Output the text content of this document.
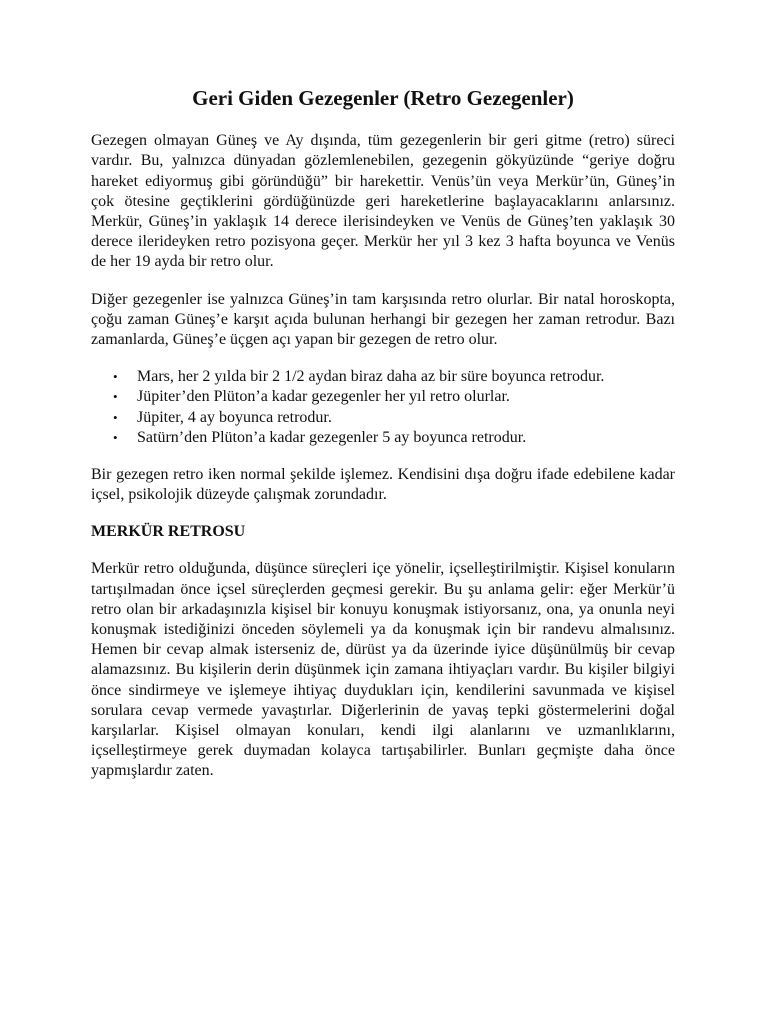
Geri Giden Gezegenler (Retro Gezegenler)

Gezegen olmayan Güneş ve Ay dışında, tüm gezegenlerin bir geri gitme (retro) süreci vardır. Bu, yalnızca dünyadan gözlemlenebilen, gezegenin gökyüzünde “geriye doğru hareket ediyormuş gibi göründüğü” bir harekettir. Venüs’ün veya Merkür’ün, Güneş’in çok ötesine geçtiklerini gördüğünüzde geri hareketlerine başlayacaklarını anlarsınız. Merkür, Güneş’in yaklaşık 14 derece ilerisindeyken ve Venüs de Güneş’ten yaklaşık 30 derece ilerideyken retro pozisyona geçer. Merkür her yıl 3 kez 3 hafta boyunca ve Venüs de her 19 ayda bir retro olur.

Diğer gezegenler ise yalnızca Güneş’in tam karşısında retro olurlar. Bir natal horoskopta, çoğu zaman Güneş’e karşıt açıda bulunan herhangi bir gezegen her zaman retrodur. Bazı zamanlarda, Güneş’e üçgen açı yapan bir gezegen de retro olur.

• Mars, her 2 yılda bir 2 1/2 aydan biraz daha az bir süre boyunca retrodur.
• Jüpiter’den Plüton’a kadar gezegenler her yıl retro olurlar.
• Jüpiter, 4 ay boyunca retrodur.
• Satürn’den Plüton’a kadar gezegenler 5 ay boyunca retrodur.

Bir gezegen retro iken normal şekilde işlemez. Kendisini dışa doğru ifade edebilene kadar içsel, psikolojik düzeyde çalışmak zorundadır.

MERKÜR RETROSU

Merkür retro olduğunda, düşünce süreçleri içe yönelir, içselleştirilmiştir. Kişisel konuların tartışılmadan önce içsel süreçlerden geçmesi gerekir. Bu şu anlama gelir: eğer Merkür’ü retro olan bir arkadaşınızla kişisel bir konuyu konuşmak istiyorsanız, ona, ya onunla neyi konuşmak istediğinizi önceden söylemeli ya da konuşmak için bir randevu almalısınız. Hemen bir cevap almak isterseniz de, dürüst ya da üzerinde iyice düşünülmüş bir cevap alamazsınız. Bu kişilerin derin düşünmek için zamana ihtiyaçları vardır. Bu kişiler bilgiyi önce sindirmeye ve işlemeye ihtiyaç duydukları için, kendilerini savunmada ve kişisel sorulara cevap vermede yavaştırlar. Diğerlerinin de yavaş tepki göstermelerini doğal karşılarlar. Kişisel olmayan konuları, kendi ilgi alanlarını ve uzmanlıklarını, içselleştirmeye gerek duymadan kolayca tartışabilirler. Bunları geçmişte daha önce yapmışlardır zaten.
